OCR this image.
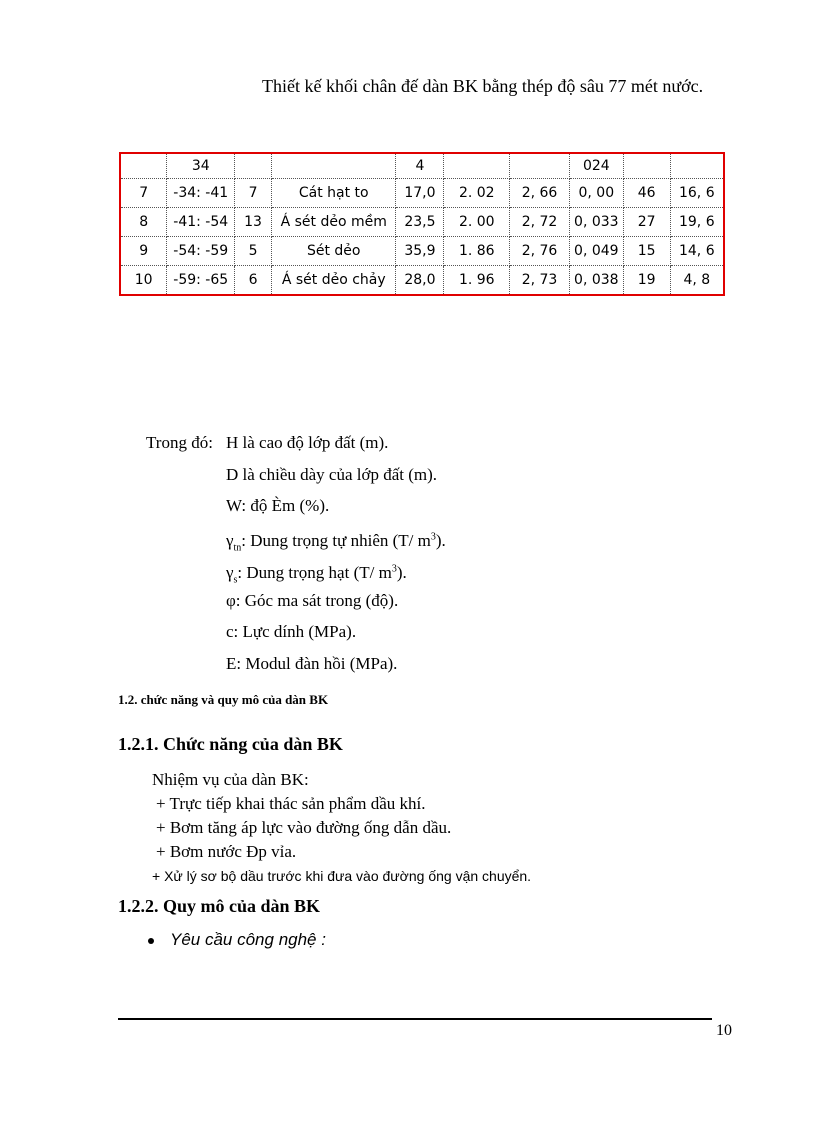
Thiết kế khối chân đế dàn BK bằng thép độ sâu 77 mét nước.
	34			4			024		
7	-34: -41	7	Cát hạt to	17,0	2. 02	2, 66	0, 00	46	16, 6
8	-41: -54	13	Á sét dẻo mềm	23,5	2. 00	2, 72	0, 033	27	19, 6
9	-54: -59	5	Sét dẻo	35,9	1. 86	2, 76	0, 049	15	14, 6
10	-59: -65	6	Á sét dẻo chảy	28,0	1. 96	2, 73	0, 038	19	4, 8
Trong đó: H là cao độ lớp đất (m).
D là chiều dày của lớp đất (m).
W: độ Èm (%).
$\gamma_{tn}$: Dung trọng tự nhiên (T/ $m^3$).
$\gamma_s$: Dung trọng hạt (T/ $m^3$).
φ: Góc ma sát trong (độ).
c: Lực dính (MPa).
E: Modul đàn hồi (MPa).
1.2. chức năng và quy mô của dàn BK
1.2.1. Chức năng của dàn BK
Nhiệm vụ của dàn BK:
+ Trực tiếp khai thác sản phẩm dầu khí.
+ Bơm tăng áp lực vào đường ống dẫn dầu.
+ Bơm nước Ðp vỉa.
+ Xử lý sơ bộ dầu trước khi đưa vào đường ống vận chuyển.
1.2.2. Quy mô của dàn BK
Yêu cầu công nghệ :
10
